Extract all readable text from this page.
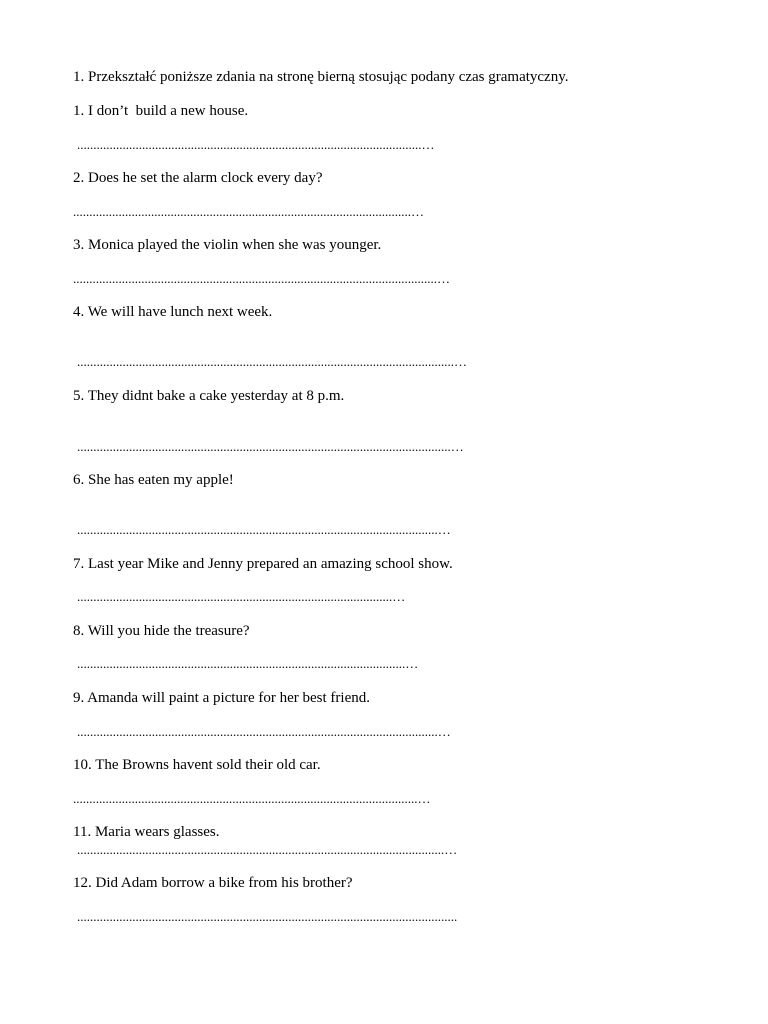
1. Przekształć poniższe zdania na stronę bierną stosując podany czas gramatyczny.

1. I don’t  build a new house.

..........................................................................................................…

2. Does he set the alarm clock every day?

........................................................................................................…

3. Monica played the violin when she was younger.

................................................................................................................…

4. We will have lunch next week.

....................................................................................................................…

5. They didnt bake a cake yesterday at 8 p.m.

...................................................................................................................…

6. She has eaten my apple!

...............................................................................................................…

7. Last year Mike and Jenny prepared an amazing school show.

.................................................................................................…

8. Will you hide the treasure?

.....................................................................................................…

9. Amanda will paint a picture for her best friend.

...............................................................................................................…

10. The Browns havent sold their old car.

..........................................................................................................…

11. Maria wears glasses.

.................................................................................................................…

12. Did Adam borrow a bike from his brother?

.....................................................................................................................
